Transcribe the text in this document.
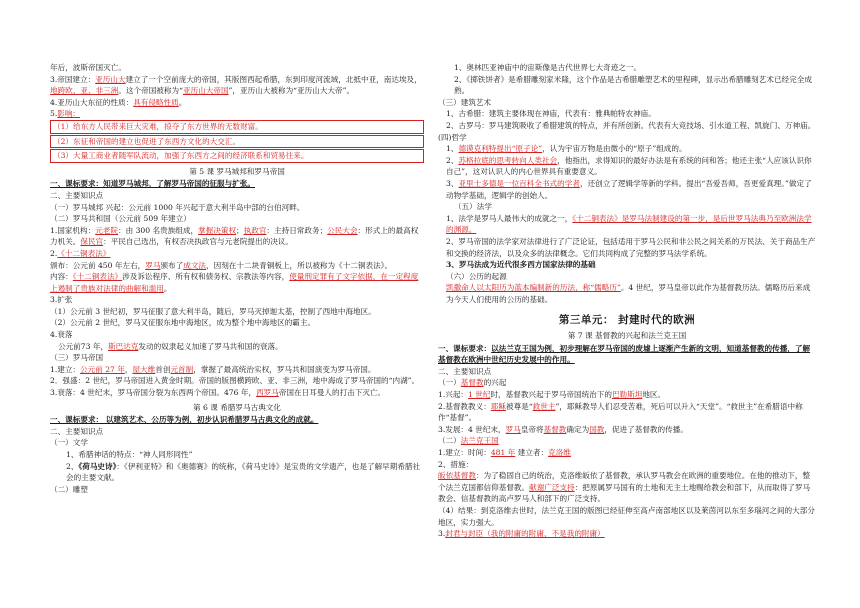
年后，波斯帝国灭亡。

3.帝国建立：亚历山大建立了一个空前庞大的帝国，其版图西起希腊，东到印度河流域，北抵中亚，南达埃及，地跨欧、亚、非三洲。这个帝国被称为“亚历山大帝国”，亚历山大被称为“亚历山大大帝”。

4.亚历山大东征的性质：具有侵略性质。

5.影响：

（1）给东方人民带来巨大灾难，掠夺了东方世界的无数财富。
（2）东征和帝国的建立也促进了东西方文化的大交汇。
（3）大量工商业者随军队流动，加强了东西方之间的经济联系和贸易往来。

第 5 课 罗马城邦和罗马帝国

一、课标要求：知道罗马城邦，了解罗马帝国的征服与扩张。

二、主要知识点

（一）罗马城邦 兴起：公元前 1000 年兴起于意大利半岛中部的台伯河畔。

（二）罗马共和国（公元前 509 年建立）

1.国家机构：元老院：由 300 名贵族组成，掌握决策权；执政官：主持日常政务；公民大会：形式上的最高权力机关。保民官：平民自己选出，有权否决执政官与元老院提出的决议。

2.《十二铜表法》

颁布：公元前 450 年左右，罗马颁布了成文法，因刻在十二块青铜板上，所以被称为《十二铜表法》。

内容：《十二铜表法》涉及诉讼程序、所有权和债务权、宗教法等内容，使量刑定罪有了文字依据，在一定程度上遏制了贵族对法律的曲解和滥用。

3.扩张

（1）公元前 3 世纪初，罗马征服了意大利半岛，随后，罗马灭掉迦太基，控制了西地中海地区。

（2）公元前 2 世纪，罗马又征服东地中海地区，成为整个地中海地区的霸主。

4.衰落

公元前73 年，斯巴达克发动的奴隶起义加速了罗马共和国的衰落。

（三）罗马帝国

1.建立：公元前 27 年，屋大维首创元首制，掌握了最高统治实权，罗马共和国演变为罗马帝国。

2．强盛：2 世纪，罗马帝国进入黄金时期。帝国的版图横跨欧、亚、非三洲，地中海成了罗马帝国的“内湖”。

3.衰落：4 世纪末，罗马帝国分裂为东西两个帝国。476 年，西罗马帝国在日耳曼人的打击下灭亡。

第 6 课 希腊罗马古典文化

一、课标要求： 以建筑艺术、公历等为例，初步认识希腊罗马古典文化的成就。

二、主要知识点

（一）文学

1、希腊神话的特点：“神人同形同性”

2、《荷马史诗》：《伊利亚特》和《奥德赛》的统称，《荷马史诗》是宝贵的文学遗产，也是了解早期希腊社会的主要文献。

（二）雕塑

1、奥林匹亚神庙中的宙斯像是古代世界七大奇迹之一。

2、《掷铁饼者》是希腊雕刻家米隆，这个作品是古希腊雕塑艺术的里程碑，显示出希腊雕刻艺术已经完全成熟。

（三）建筑艺术

1、古希腊：建筑主要体现在神庙，代表有：雅典帕特农神庙。

2、古罗马：罗马建筑吸收了希腊建筑的特点，并有所创新。代表有大竞技场、引水道工程、凯旋门、万神庙。

(四)哲学

1、德谟克利特提出“原子论”，认为宇宙万物是由微小的“原子”组成的。

2、苏格拉底的思考转向人类社会，他指出，求得知识的最好办法是有系统的问和答；他还主张“人应该认识你自己”，这对认识人的内心世界具有重要意义。

3、亚里士多德是一位百科全书式的学者，还创立了逻辑学等新的学科。提出“吾爱吾师，吾更爱真理。”做定了动物学基础，逻辑学的创始人。

（五）法学

1、法学是罗马人最伟大的成就之一，《十二铜表法》是罗马法制建设的第一步，是后世罗马法典乃至欧洲法学的渊源。

2、罗马帝国的法学家对法律进行了广泛论证，包括适用于罗马公民和非公民之间关系的万民法、关于商品生产和交换的经济法，以及众多的法律概念。它们共同构成了完整的罗马法学系统。

3、罗马法成为近代很多西方国家法律的基础

（六）公历的起源

凯撒命人以太阳历为蓝本编制新的历法，称“儒略历”。4 世纪，罗马皇帝以此作为基督教历法。儒略历后来成为今天人们使用的公历的基础。

第三单元： 封建时代的欧洲

第 7 课 基督教的兴起和法兰克王国

一、课标要求：以法兰克王国为例，初步理解在罗马帝国的废墟上逐渐产生新的文明，知道基督教的传播，了解基督教在欧洲中世纪历史发展中的作用。

二、主要知识点

（一）基督教的兴起

1.兴起：1 世纪时，基督教兴起于罗马帝国统治下的巴勒斯坦地区。

2.基督教教义：耶稣被尊是“救世主”，耶稣教导人们忍受苦难，死后可以升入“天堂”。“救世主”在希腊语中称作“基督”。

3.发展：4 世纪末，罗马皇帝将基督教确定为国教，促进了基督教的传播。

（二）法兰克王国

1.建立：时间：481 年 建立者：克洛维

2、措施：

皈依基督教：为了稳固自己的统治，克洛维皈依了基督教，承认罗马教会在欧洲的重要地位。在他的推动下，整个法兰克国都信仰基督教。献谢广泛支持：把原属罗马国有的土地和无主土地赐给教会和部下，从而取得了罗马教会、信基督教的高卢罗马人和部下的广泛支持。

（4）结果：到克洛维去世时，法兰克王国的版图已经征伸至高卢南部地区以及莱茵河以东至多瑙河之间的大部分地区，实力强大。

3.封君与封臣（我的附庸的附庸，不是我的附庸）
